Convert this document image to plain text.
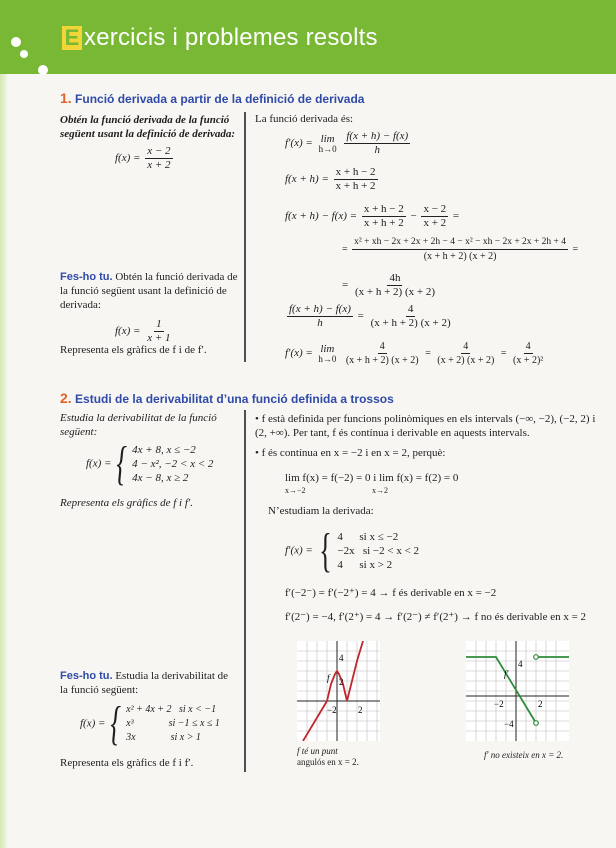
E xercicis i problemes resolts
1. Funció derivada a partir de la definició de derivada
Obtén la funció derivada de la funció següent usant la definició de derivada:
$f(x) = \frac{x - 2}{x + 2}$
Fes-ho tu. Obtén la funció derivada de la funció següent usant la definició de derivada:
$f(x) = \frac{1}{x + 1}$
Representa els gràfics de f i de f′.
La funció derivada és:
f′(x) = lim
h→0
$\frac{f(x + h) - f(x)}{h}$
$f(x + h) = \frac{x + h - 2}{x + h + 2}$
$f(x + h) - f(x) = \frac{x + h - 2}{x + h + 2} - \frac{x - 2}{x + 2}$ =
= $\frac{\text{x² + xh − 2x + 2x + 2h − 4 − x² − xh − 2x + 2x + 2h + 4}}{(x + h + 2) (x + 2)}$ =
= $\frac{4h}{(x + h + 2) (x + 2)}$
$\frac{f(x + h) - f(x)}{h} = \frac{4}{(x + h + 2) (x + 2)}$
f′(x) = lim
h→0
$\frac{4}{(x + h + 2) (x + 2)} = \frac{4}{(x + 2) (x + 2)} = \frac{4}{\text{(x + 2)²}}$
2. Estudi de la derivabilitat d’una funció definida a trossos
Estudia la derivabilitat de la funció següent:
f(x) = { 4x + 8, x ≤ −2
4 − x², −2 < x < 2
4x − 8, x ≥ 2
Representa els gràfics de f i f′.
• f està definida per funcions polinòmiques en els intervals (−∞, −2), (−2, 2) i (2, +∞). Per tant, f és contínua i derivable en aquests intervals.
• f és contínua en x = −2 i en x = 2, perquè:
lim f(x) = f(−2) = 0 i lim f(x) = f(2) = 0
x→−2	x→2
N’estudiam la derivada:
f′(x) = { 4      si x ≤ −2
−2x   si −2 < x < 2
4      si x > 2
f′(−2⁻) = f′(−2⁺) = 4 → f és derivable en x = −2
f′(2⁻) = −4, f′(2⁺) = 4 → f′(2⁻) ≠ f′(2⁺) → f no és derivable en x = 2
f
4
2
−2 2
f té un punt
angulós en x = 2.
f′
4
−2	2
−4
f′ no existeix en x = 2.
Fes-ho tu. Estudia la derivabilitat de la funció següent:
f(x) = { x² + 4x + 2   si x < −1
x³              si −1 ≤ x ≤ 1
3x              si x > 1
Representa els gràfics de f i f′.
